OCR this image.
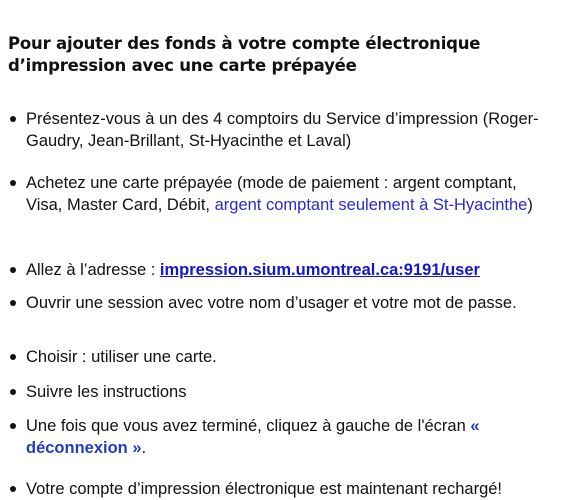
Pour ajouter des fonds à votre compte électronique
d’impression avec une carte prépayée
Présentez-vous à un des 4 comptoirs du Service d’impression (Roger-Gaudry, Jean-Brillant, St-Hyacinthe et Laval)
Achetez une carte prépayée (mode de paiement : argent comptant, Visa, Master Card, Débit, argent comptant seulement à St-Hyacinthe)
Allez à l’adresse : impression.sium.umontreal.ca:9191/user
Ouvrir une session avec votre nom d’usager et votre mot de passe.
Choisir : utiliser une carte.
Suivre les instructions
Une fois que vous avez terminé, cliquez à gauche de l'écran « déconnexion ».
Votre compte d’impression électronique est maintenant rechargé!
